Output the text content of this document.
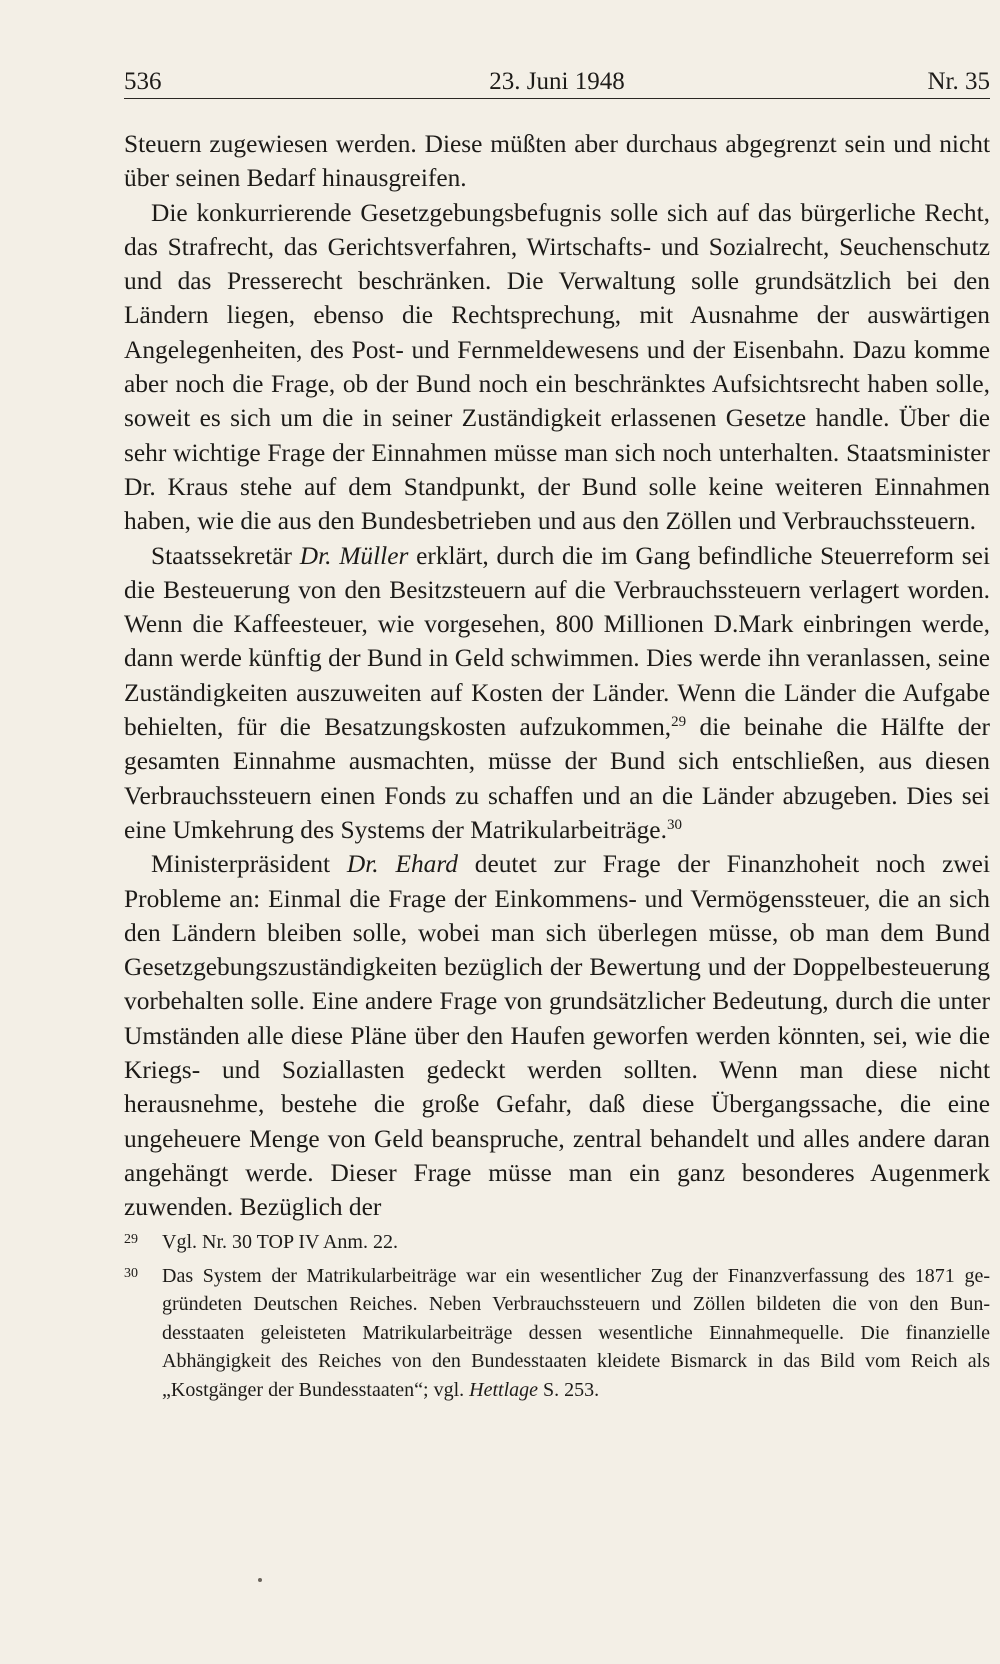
536	23. Juni 1948	Nr. 35

Steuern zugewiesen werden. Diese müßten aber durchaus abgegrenzt sein und nicht über seinen Bedarf hinausgreifen.

Die konkurrierende Gesetzgebungsbefugnis solle sich auf das bürgerliche Recht, das Strafrecht, das Gerichtsverfahren, Wirtschafts- und Sozialrecht, Seuchenschutz und das Presserecht beschränken. Die Verwaltung solle grundsätzlich bei den Ländern liegen, ebenso die Rechtsprechung, mit Ausnahme der auswärtigen Angelegenheiten, des Post- und Fernmeldewesens und der Eisenbahn. Dazu komme aber noch die Frage, ob der Bund noch ein beschränktes Aufsichtsrecht haben solle, soweit es sich um die in seiner Zuständigkeit erlassenen Gesetze handle. Über die sehr wichtige Frage der Einnahmen müsse man sich noch unterhalten. Staatsminister Dr. Kraus stehe auf dem Standpunkt, der Bund solle keine weiteren Einnahmen haben, wie die aus den Bundesbetrieben und aus den Zöllen und Verbrauchssteuern.

Staatssekretär Dr. Müller erklärt, durch die im Gang befindliche Steuerreform sei die Besteuerung von den Besitzsteuern auf die Verbrauchssteuern verlagert worden. Wenn die Kaffeesteuer, wie vorgesehen, 800 Millionen D.Mark einbringen werde, dann werde künftig der Bund in Geld schwimmen. Dies werde ihn veranlassen, seine Zuständigkeiten auszuweiten auf Kosten der Länder. Wenn die Länder die Aufgabe behielten, für die Besatzungskosten aufzukommen,$^{29}$ die beinahe die Hälfte der gesamten Einnahme ausmachten, müsse der Bund sich entschließen, aus diesen Verbrauchssteuern einen Fonds zu schaffen und an die Länder abzugeben. Dies sei eine Umkehrung des Systems der Matrikularbeiträge.$^{30}$

Ministerpräsident Dr. Ehard deutet zur Frage der Finanzhoheit noch zwei Probleme an: Einmal die Frage der Einkommens- und Vermögenssteuer, die an sich den Ländern bleiben solle, wobei man sich überlegen müsse, ob man dem Bund Gesetzgebungszuständigkeiten bezüglich der Bewertung und der Doppelbesteuerung vorbehalten solle. Eine andere Frage von grundsätzlicher Bedeutung, durch die unter Umständen alle diese Pläne über den Haufen geworfen werden könnten, sei, wie die Kriegs- und Soziallasten gedeckt werden sollten. Wenn man diese nicht herausnehme, bestehe die große Gefahr, daß diese Übergangssache, die eine ungeheuere Menge von Geld beanspruche, zentral behandelt und alles andere daran angehängt werde. Dieser Frage müsse man ein ganz besonderes Augenmerk zuwenden. Bezüglich der

29 Vgl. Nr. 30 TOP IV Anm. 22.
30 Das System der Matrikularbeiträge war ein wesentlicher Zug der Finanzverfassung des 1871 gegründeten Deutschen Reiches. Neben Verbrauchssteuern und Zöllen bildeten die von den Bundesstaaten geleisteten Matrikularbeiträge dessen wesentliche Einnahmequelle. Die finanzielle Abhängigkeit des Reiches von den Bundesstaaten kleidete Bismarck in das Bild vom Reich als „Kostgänger der Bundesstaaten“; vgl. Hettlage S. 253.
